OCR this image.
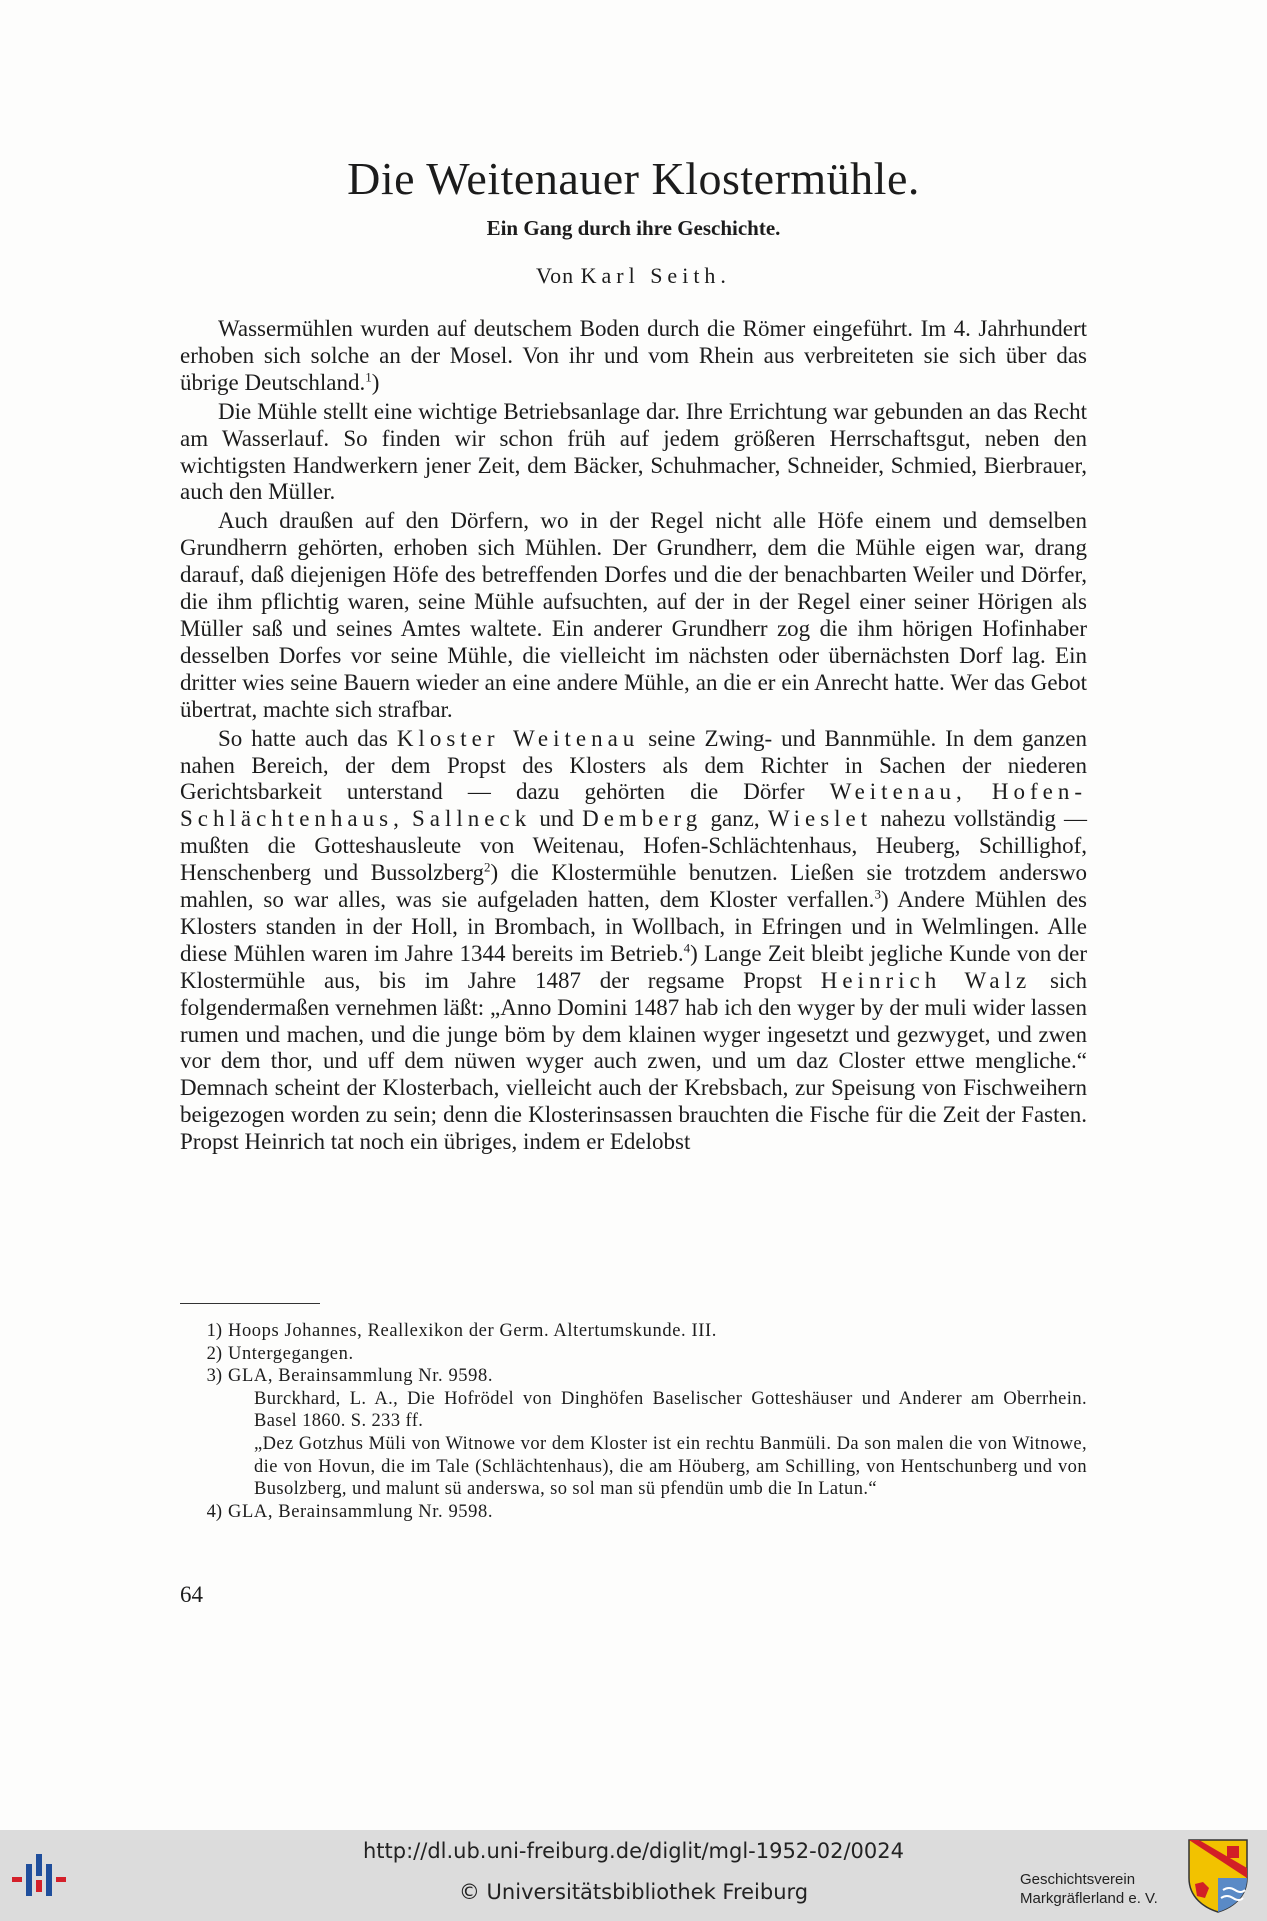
Die Weitenauer Klostermühle.
Ein Gang durch ihre Geschichte.
Von Karl Seith.

Wassermühlen wurden auf deutschem Boden durch die Römer eingeführt. Im 4. Jahrhundert erhoben sich solche an der Mosel. Von ihr und vom Rhein aus verbreiteten sie sich über das übrige Deutschland.$^1$)

Die Mühle stellt eine wichtige Betriebsanlage dar. Ihre Errichtung war gebunden an das Recht am Wasserlauf. So finden wir schon früh auf jedem größeren Herrschaftsgut, neben den wichtigsten Handwerkern jener Zeit, dem Bäcker, Schuhmacher, Schneider, Schmied, Bierbrauer, auch den Müller.

Auch draußen auf den Dörfern, wo in der Regel nicht alle Höfe einem und demselben Grundherrn gehörten, erhoben sich Mühlen. Der Grundherr, dem die Mühle eigen war, drang darauf, daß diejenigen Höfe des betreffenden Dorfes und die der benachbarten Weiler und Dörfer, die ihm pflichtig waren, seine Mühle aufsuchten, auf der in der Regel einer seiner Hörigen als Müller saß und seines Amtes waltete. Ein anderer Grundherr zog die ihm hörigen Hofinhaber desselben Dorfes vor seine Mühle, die vielleicht im nächsten oder übernächsten Dorf lag. Ein dritter wies seine Bauern wieder an eine andere Mühle, an die er ein Anrecht hatte. Wer das Gebot übertrat, machte sich strafbar.

So hatte auch das Kloster Weitenau seine Zwing- und Bannmühle. In dem ganzen nahen Bereich, der dem Propst des Klosters als dem Richter in Sachen der niederen Gerichtsbarkeit unterstand — dazu gehörten die Dörfer Weitenau, Hofen-Schlächtenhaus, Sallneck und Demberg ganz, Wieslet nahezu vollständig — mußten die Gotteshausleute von Weitenau, Hofen-Schlächtenhaus, Heuberg, Schillighof, Henschenberg und Bussolzberg$^2$) die Klostermühle benutzen. Ließen sie trotzdem anderswo mahlen, so war alles, was sie aufgeladen hatten, dem Kloster verfallen.$^3$) Andere Mühlen des Klosters standen in der Holl, in Brombach, in Wollbach, in Efringen und in Welmlingen. Alle diese Mühlen waren im Jahre 1344 bereits im Betrieb.$^4$) Lange Zeit bleibt jegliche Kunde von der Klostermühle aus, bis im Jahre 1487 der regsame Propst Heinrich Walz sich folgendermaßen vernehmen läßt: „Anno Domini 1487 hab ich den wyger by der muli wider lassen rumen und machen, und die junge böm by dem klainen wyger ingesetzt und gezwyget, und zwen vor dem thor, und uff dem nüwen wyger auch zwen, und um daz Closter ettwe mengliche.“ Demnach scheint der Klosterbach, vielleicht auch der Krebsbach, zur Speisung von Fischweihern beigezogen worden zu sein; denn die Klosterinsassen brauchten die Fische für die Zeit der Fasten. Propst Heinrich tat noch ein übriges, indem er Edelobst

1) Hoops Johannes, Reallexikon der Germ. Altertumskunde. III.
2) Untergegangen.
3) GLA, Berainsammlung Nr. 9598.
Burckhard, L. A., Die Hofrödel von Dinghöfen Baselischer Gotteshäuser und Anderer am Oberrhein. Basel 1860. S. 233 ff.
„Dez Gotzhus Müli von Witnowe vor dem Kloster ist ein rechtu Banmüli. Da son malen die von Witnowe, die von Hovun, die im Tale (Schlächtenhaus), die am Höuberg, am Schilling, von Hentschunberg und von Busolzberg, und malunt sü anderswa, so sol man sü pfendün umb die In Latun.“
4) GLA, Berainsammlung Nr. 9598.
64
http://dl.ub.uni-freiburg.de/diglit/mgl-1952-02/0024
© Universitätsbibliothek Freiburg
Geschichtsverein
Markgräflerland e. V.
